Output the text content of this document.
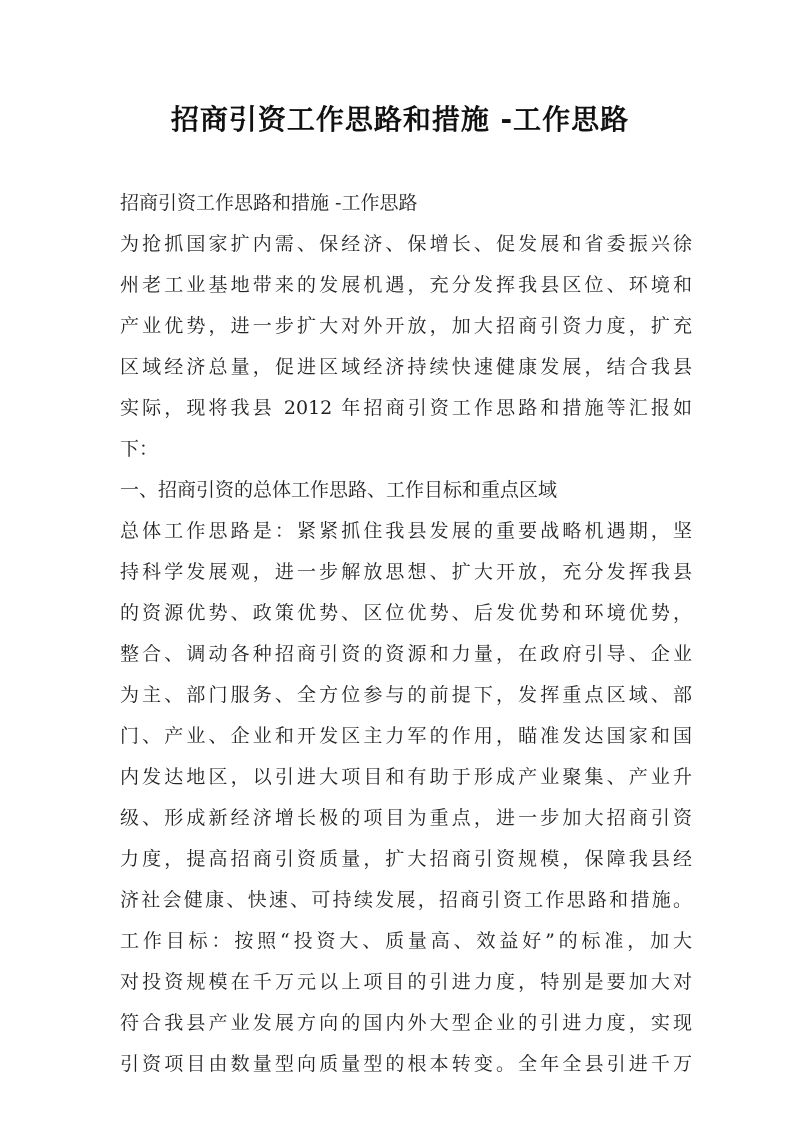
招商引资工作思路和措施 -工作思路

招商引资工作思路和措施 -工作思路

为抢抓国家扩内需、保经济、保增长、促发展和省委振兴徐

州老工业基地带来的发展机遇，充分发挥我县区位、环境和

产业优势，进一步扩大对外开放，加大招商引资力度，扩充

区域经济总量，促进区域经济持续快速健康发展，结合我县

实际，现将我县 2012 年招商引资工作思路和措施等汇报如

下：

一、招商引资的总体工作思路、工作目标和重点区域

总体工作思路是：紧紧抓住我县发展的重要战略机遇期，坚

持科学发展观，进一步解放思想、扩大开放，充分发挥我县

的资源优势、政策优势、区位优势、后发优势和环境优势，

整合、调动各种招商引资的资源和力量，在政府引导、企业

为主、部门服务、全方位参与的前提下，发挥重点区域、部

门、产业、企业和开发区主力军的作用，瞄准发达国家和国

内发达地区，以引进大项目和有助于形成产业聚集、产业升

级、形成新经济增长极的项目为重点，进一步加大招商引资

力度，提高招商引资质量，扩大招商引资规模，保障我县经

济社会健康、快速、可持续发展，招商引资工作思路和措施。

工作目标：按照“投资大、质量高、效益好”的标准，加大

对投资规模在千万元以上项目的引进力度，特别是要加大对

符合我县产业发展方向的国内外大型企业的引进力度，实现

引资项目由数量型向质量型的根本转变。全年全县引进千万
